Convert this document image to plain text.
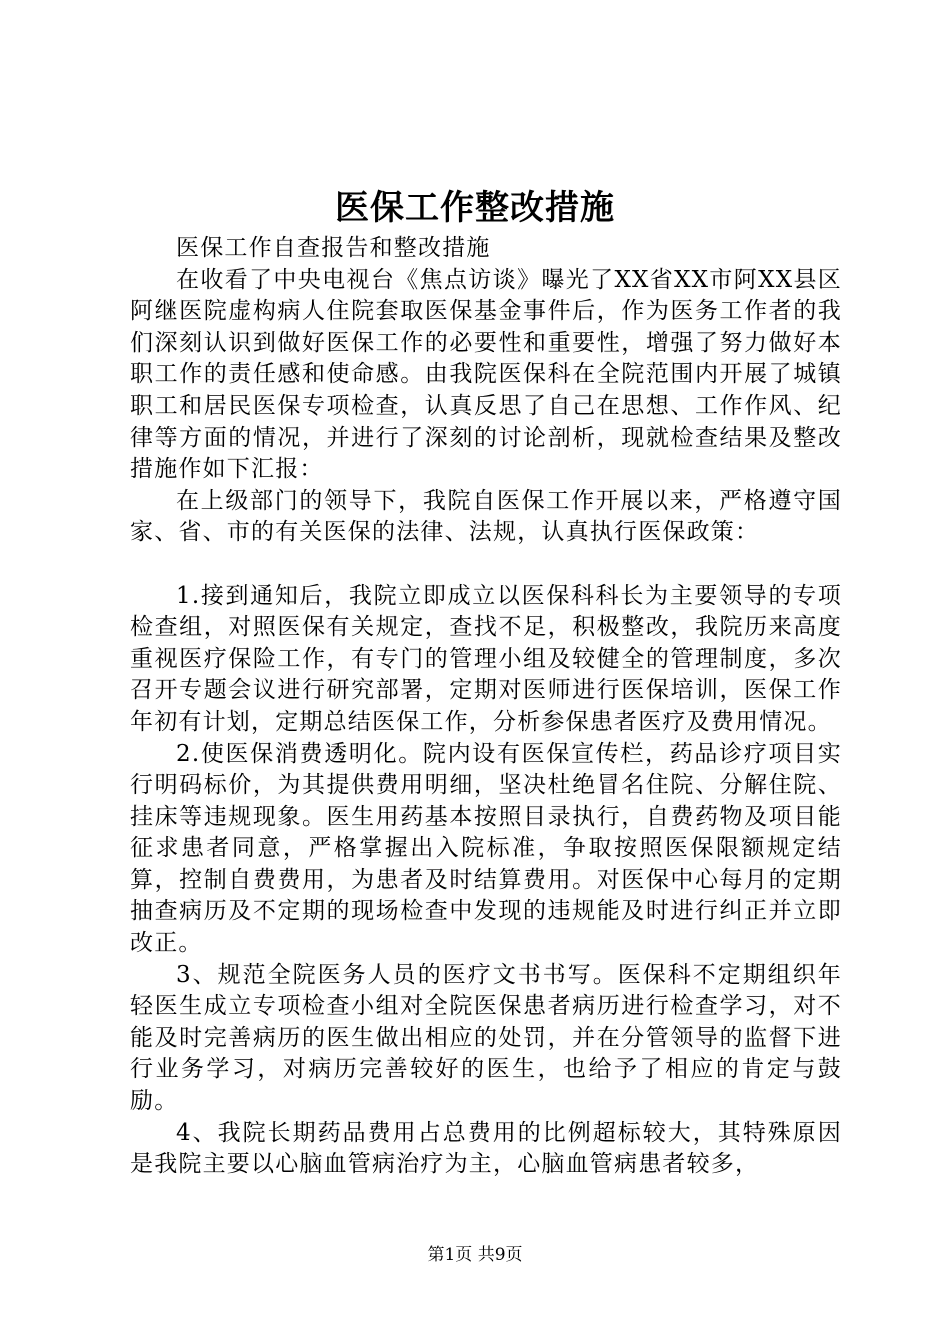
医保工作整改措施

医保工作自查报告和整改措施

在收看了中央电视台《焦点访谈》曝光了XX省XX市阿XX县区阿继医院虚构病人住院套取医保基金事件后，作为医务工作者的我们深刻认识到做好医保工作的必要性和重要性，增强了努力做好本职工作的责任感和使命感。由我院医保科在全院范围内开展了城镇职工和居民医保专项检查，认真反思了自己在思想、工作作风、纪律等方面的情况，并进行了深刻的讨论剖析，现就检查结果及整改措施作如下汇报：

在上级部门的领导下，我院自医保工作开展以来，严格遵守国家、省、市的有关医保的法律、法规，认真执行医保政策：

1.接到通知后，我院立即成立以医保科科长为主要领导的专项检查组，对照医保有关规定，查找不足，积极整改，我院历来高度重视医疗保险工作，有专门的管理小组及较健全的管理制度，多次召开专题会议进行研究部署，定期对医师进行医保培训，医保工作年初有计划，定期总结医保工作，分析参保患者医疗及费用情况。

2.使医保消费透明化。院内设有医保宣传栏，药品诊疗项目实行明码标价，为其提供费用明细，坚决杜绝冒名住院、分解住院、挂床等违规现象。医生用药基本按照目录执行，自费药物及项目能征求患者同意，严格掌握出入院标准，争取按照医保限额规定结算，控制自费费用，为患者及时结算费用。对医保中心每月的定期抽查病历及不定期的现场检查中发现的违规能及时进行纠正并立即改正。

3、规范全院医务人员的医疗文书书写。医保科不定期组织年轻医生成立专项检查小组对全院医保患者病历进行检查学习，对不能及时完善病历的医生做出相应的处罚，并在分管领导的监督下进行业务学习，对病历完善较好的医生，也给予了相应的肯定与鼓励。

4、我院长期药品费用占总费用的比例超标较大，其特殊原因是我院主要以心脑血管病治疗为主，心脑血管病患者较多，

第1页 共9页
